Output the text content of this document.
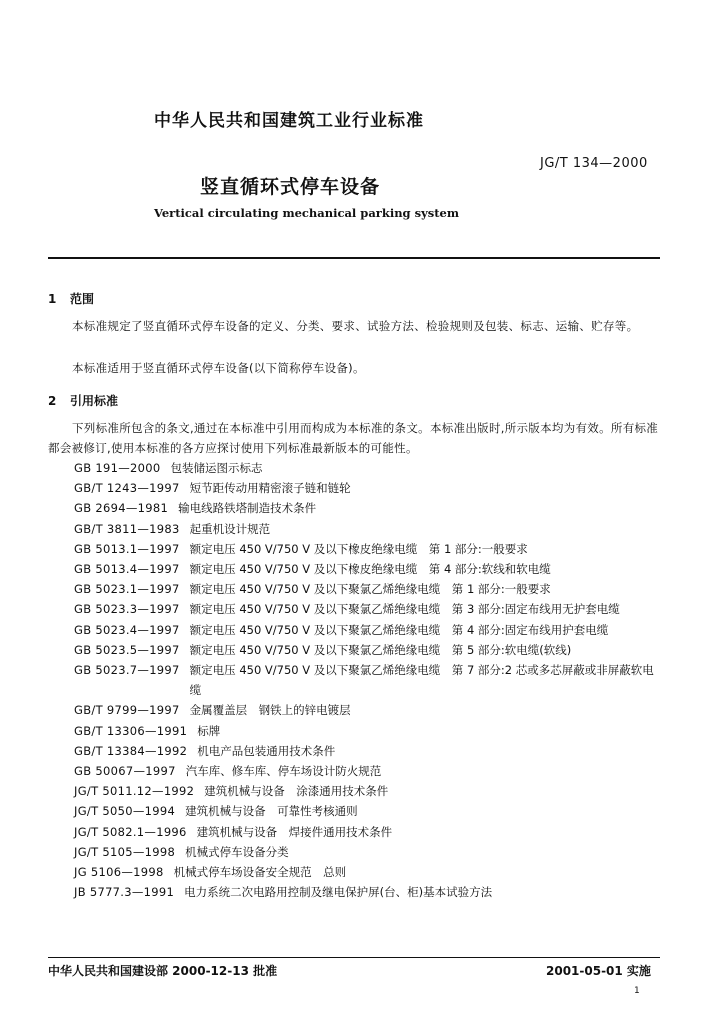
中华人民共和国建筑工业行业标准
JG/T 134—2000
竖直循环式停车设备
Vertical circulating mechanical parking system
1 范围
本标准规定了竖直循环式停车设备的定义、分类、要求、试验方法、检验规则及包装、标志、运输、贮存等。
本标准适用于竖直循环式停车设备(以下简称停车设备)。
2 引用标准
下列标准所包含的条文,通过在本标准中引用而构成为本标准的条文。本标准出版时,所示版本均为有效。所有标准都会被修订,使用本标准的各方应探讨使用下列标准最新版本的可能性。
GB 191—2000 包装储运图示标志
GB/T 1243—1997 短节距传动用精密滚子链和链轮
GB 2694—1981 输电线路铁塔制造技术条件
GB/T 3811—1983 起重机设计规范
GB 5013.1—1997 额定电压 450 V/750 V 及以下橡皮绝缘电缆　第 1 部分:一般要求
GB 5013.4—1997 额定电压 450 V/750 V 及以下橡皮绝缘电缆　第 4 部分:软线和软电缆
GB 5023.1—1997 额定电压 450 V/750 V 及以下聚氯乙烯绝缘电缆　第 1 部分:一般要求
GB 5023.3—1997 额定电压 450 V/750 V 及以下聚氯乙烯绝缘电缆　第 3 部分:固定布线用无护套电缆
GB 5023.4—1997 额定电压 450 V/750 V 及以下聚氯乙烯绝缘电缆　第 4 部分:固定布线用护套电缆
GB 5023.5—1997 额定电压 450 V/750 V 及以下聚氯乙烯绝缘电缆　第 5 部分:软电缆(软线)
GB 5023.7—1997 额定电压 450 V/750 V 及以下聚氯乙烯绝缘电缆　第 7 部分:2 芯或多芯屏蔽或非屏蔽软电缆
GB/T 9799—1997 金属覆盖层　钢铁上的锌电镀层
GB/T 13306—1991 标牌
GB/T 13384—1992 机电产品包装通用技术条件
GB 50067—1997 汽车库、修车库、停车场设计防火规范
JG/T 5011.12—1992 建筑机械与设备　涂漆通用技术条件
JG/T 5050—1994 建筑机械与设备　可靠性考核通则
JG/T 5082.1—1996 建筑机械与设备　焊接件通用技术条件
JG/T 5105—1998 机械式停车设备分类
JG 5106—1998 机械式停车场设备安全规范　总则
JB 5777.3—1991 电力系统二次电路用控制及继电保护屏(台、柜)基本试验方法
中华人民共和国建设部 2000-12-13 批准	2001-05-01 实施
1
